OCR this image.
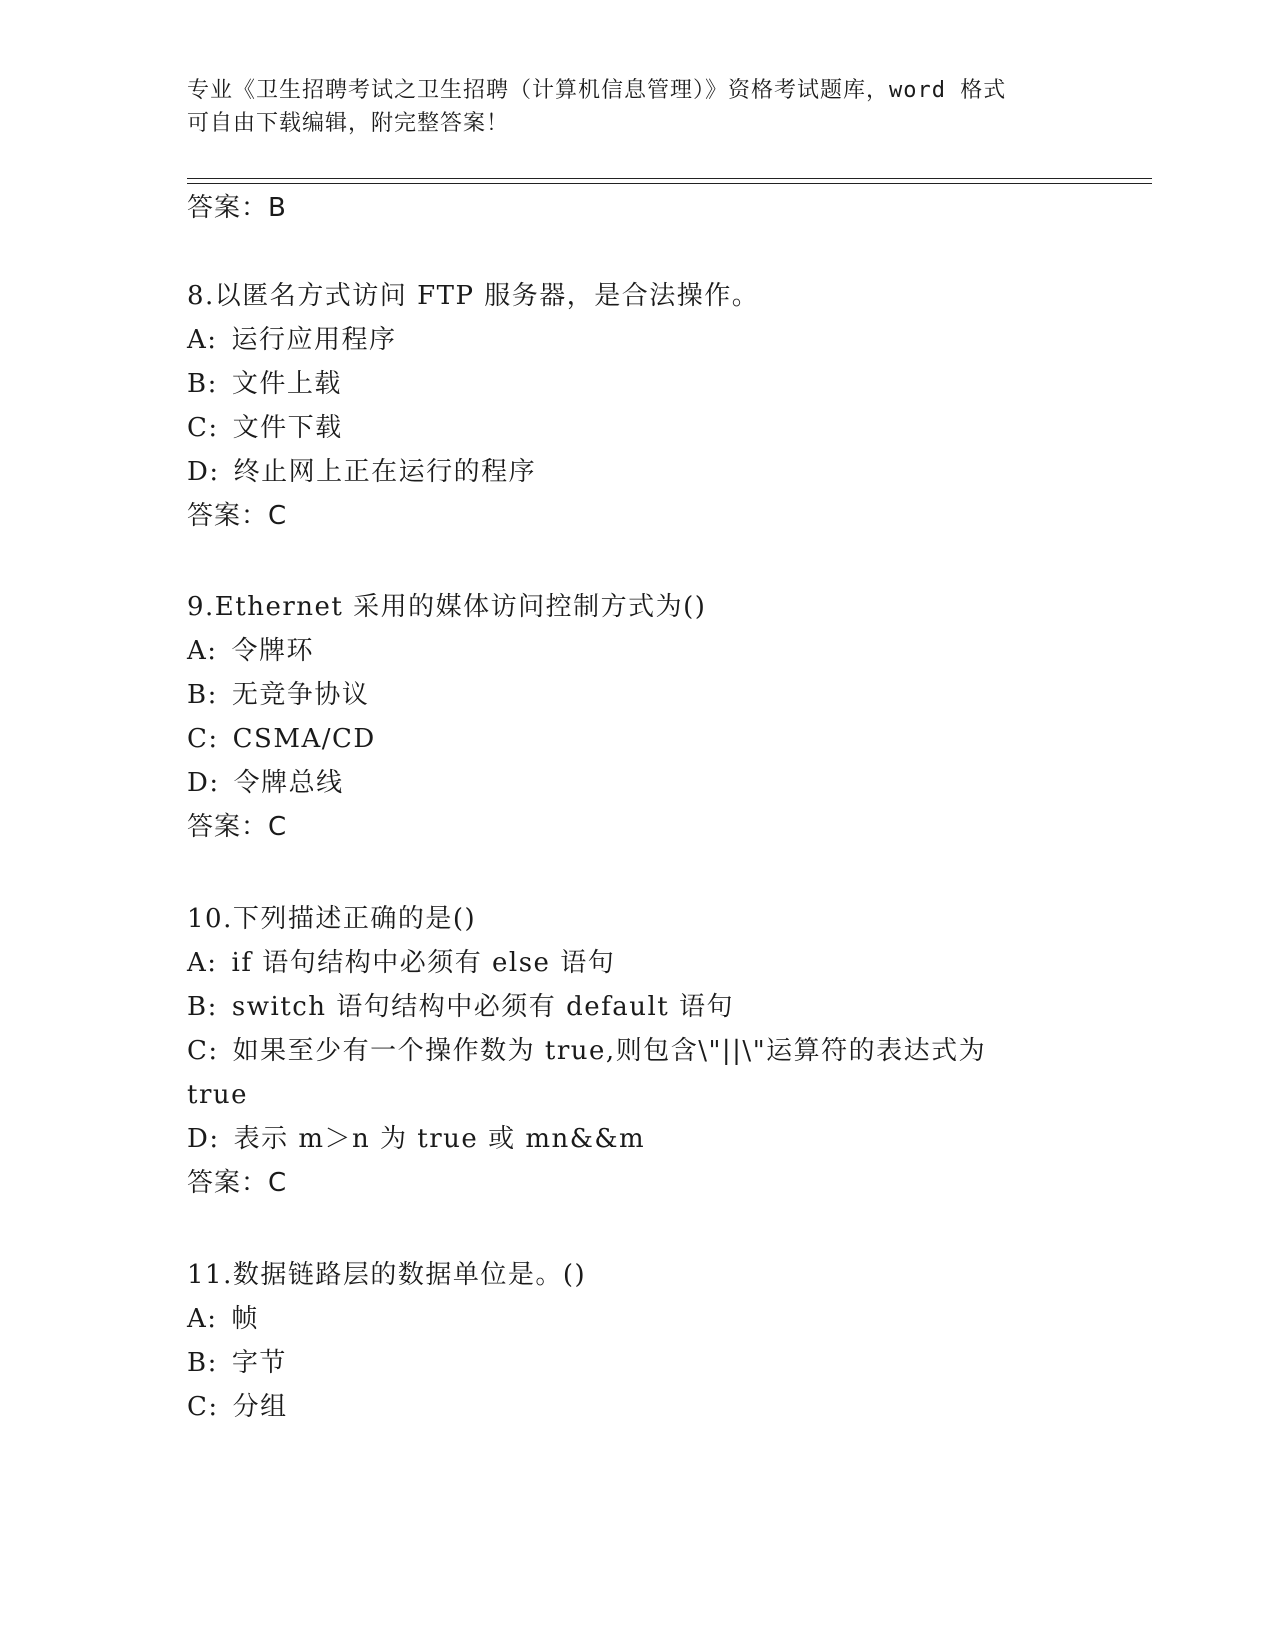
专业《卫生招聘考试之卫生招聘（计算机信息管理）》资格考试题库，word 格式
可自由下载编辑，附完整答案！
答案：B
8.以匿名方式访问 FTP 服务器，是合法操作。
A: 运行应用程序
B: 文件上载
C: 文件下载
D: 终止网上正在运行的程序
答案：C
9.Ethernet 采用的媒体访问控制方式为()
A: 令牌环
B: 无竞争协议
C: CSMA/CD
D: 令牌总线
答案：C
10.下列描述正确的是()
A: if 语句结构中必须有 else 语句
B: switch 语句结构中必须有 default 语句
C: 如果至少有一个操作数为 true,则包含\"||\"运算符的表达式为
true
D: 表示 m＞n 为 true 或 mn&&m
答案：C
11.数据链路层的数据单位是。()
A: 帧
B: 字节
C: 分组
